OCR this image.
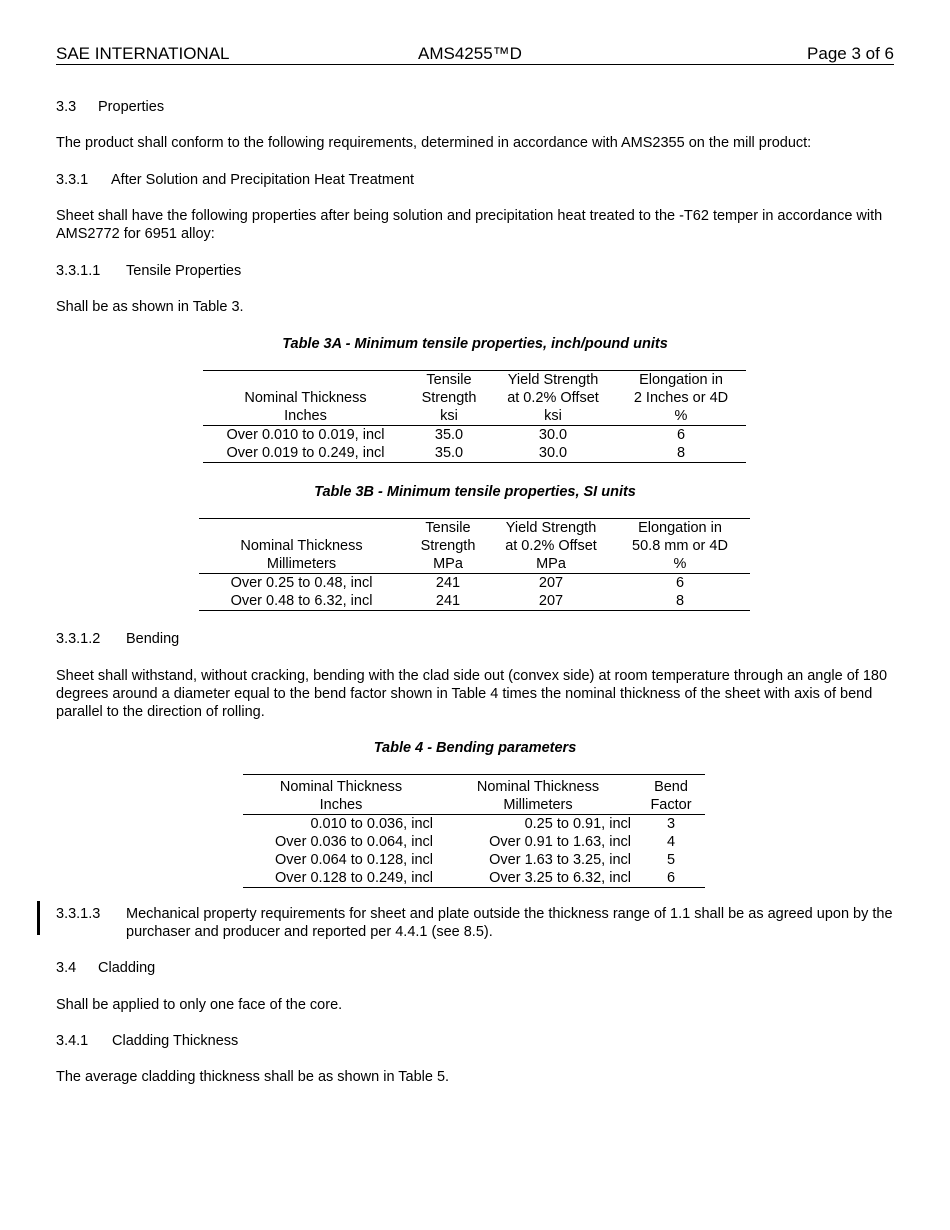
SAE INTERNATIONAL	AMS4255™D	Page 3 of 6
3.3 Properties
The product shall conform to the following requirements, determined in accordance with AMS2355 on the mill product:
3.3.1 After Solution and Precipitation Heat Treatment
Sheet shall have the following properties after being solution and precipitation heat treated to the -T62 temper in accordance with AMS2772 for 6951 alloy:
3.3.1.1 Tensile Properties
Shall be as shown in Table 3.
Table 3A - Minimum tensile properties, inch/pound units
	Tensile	Yield Strength	Elongation in
Nominal Thickness	Strength	at 0.2% Offset	2 Inches or 4D
Inches	ksi	ksi	%
Over 0.010 to 0.019, incl	35.0	30.0	6
Over 0.019 to 0.249, incl	35.0	30.0	8
Table 3B - Minimum tensile properties, SI units
	Tensile	Yield Strength	Elongation in
Nominal Thickness	Strength	at 0.2% Offset	50.8 mm or 4D
Millimeters	MPa	MPa	%
Over 0.25 to 0.48, incl	241	207	6
Over 0.48 to 6.32, incl	241	207	8
3.3.1.2 Bending
Sheet shall withstand, without cracking, bending with the clad side out (convex side) at room temperature through an angle of 180 degrees around a diameter equal to the bend factor shown in Table 4 times the nominal thickness of the sheet with axis of bend parallel to the direction of rolling.
Table 4 - Bending parameters
Nominal Thickness	Nominal Thickness	Bend
Inches	Millimeters	Factor
0.010 to 0.036, incl	0.25 to 0.91, incl	3
Over 0.036 to 0.064, incl	Over 0.91 to 1.63, incl	4
Over 0.064 to 0.128, incl	Over 1.63 to 3.25, incl	5
Over 0.128 to 0.249, incl	Over 3.25 to 6.32, incl	6
3.3.1.3 Mechanical property requirements for sheet and plate outside the thickness range of 1.1 shall be as agreed upon by the purchaser and producer and reported per 4.4.1 (see 8.5).
3.4 Cladding
Shall be applied to only one face of the core.
3.4.1 Cladding Thickness
The average cladding thickness shall be as shown in Table 5.
